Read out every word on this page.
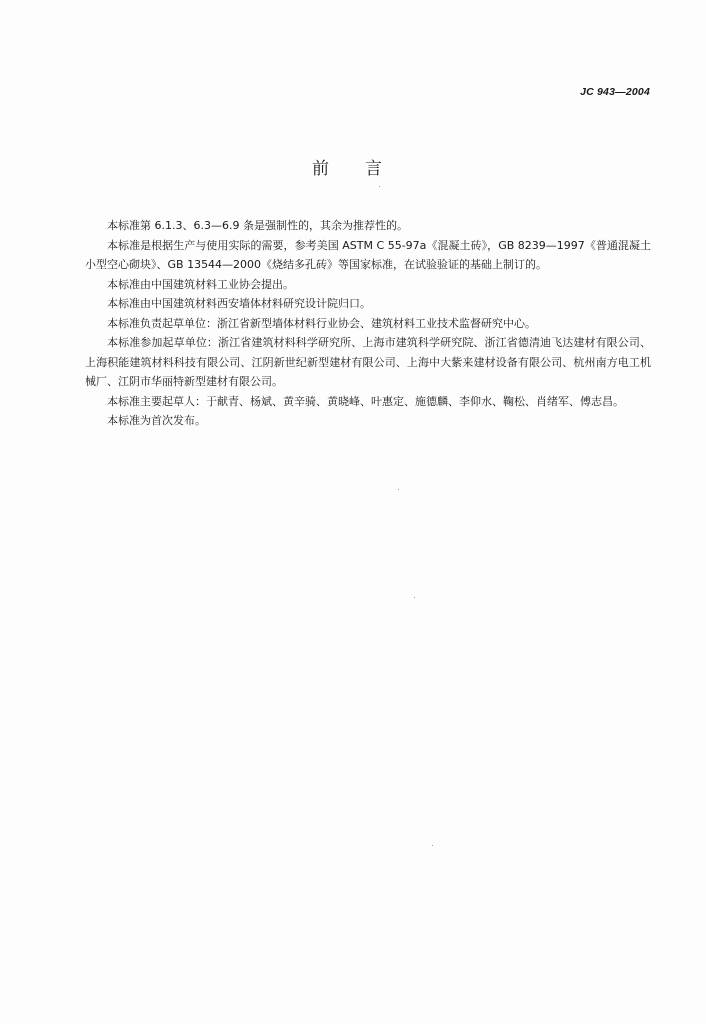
JC 943—2004
前言

本标准第 6.1.3、6.3—6.9 条是强制性的，其余为推荐性的。

本标准是根据生产与使用实际的需要，参考美国 ASTM C 55-97a《混凝土砖》，GB 8239—1997《普通混凝土小型空心砌块》、GB 13544—2000《烧结多孔砖》等国家标准，在试验验证的基础上制订的。

本标准由中国建筑材料工业协会提出。

本标准由中国建筑材料西安墙体材料研究设计院归口。

本标准负责起草单位：浙江省新型墙体材料行业协会、建筑材料工业技术监督研究中心。

本标准参加起草单位：浙江省建筑材料科学研究所、上海市建筑科学研究院、浙江省德清迪飞达建材有限公司、上海积能建筑材料科技有限公司、江阴新世纪新型建材有限公司、上海中大紫来建材设备有限公司、杭州南方电工机械厂、江阴市华丽特新型建材有限公司。

本标准主要起草人：于献青、杨斌、黄辛骑、黄晓峰、叶惠定、施德麟、李仰水、鞠松、肖绪军、傅志昌。

本标准为首次发布。
